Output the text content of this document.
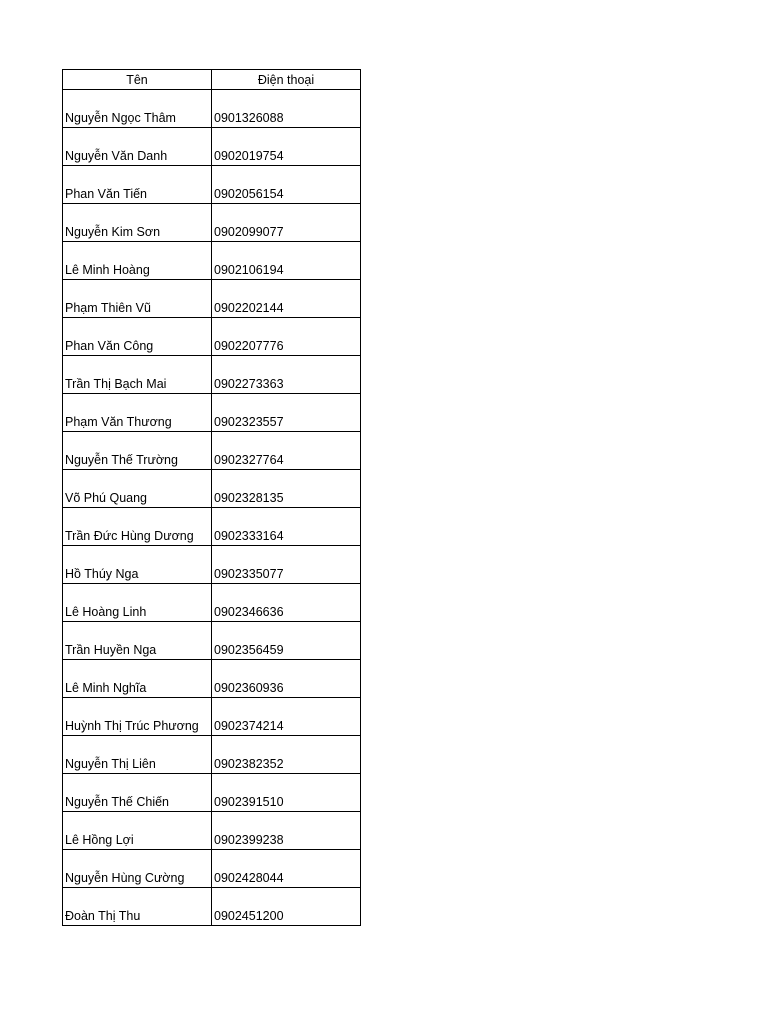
Tên	Điện thoại
Nguyễn Ngọc Thâm	0901326088
Nguyễn Văn Danh	0902019754
Phan Văn Tiến	0902056154
Nguyễn Kim Sơn	0902099077
Lê Minh Hoàng	0902106194
Phạm Thiên Vũ	0902202144
Phan Văn Công	0902207776
Trần Thị Bạch Mai	0902273363
Phạm Văn Thương	0902323557
Nguyễn Thế Trường	0902327764
Võ Phú Quang	0902328135
Trần Đức Hùng Dương	0902333164
Hồ Thúy Nga	0902335077
Lê Hoàng Linh	0902346636
Trần Huyền Nga	0902356459
Lê Minh Nghĩa	0902360936
Huỳnh Thị Trúc Phương	0902374214
Nguyễn Thị Liên	0902382352
Nguyễn Thế Chiến	0902391510
Lê Hồng Lợi	0902399238
Nguyễn Hùng Cường	0902428044
Đoàn Thị Thu	0902451200
